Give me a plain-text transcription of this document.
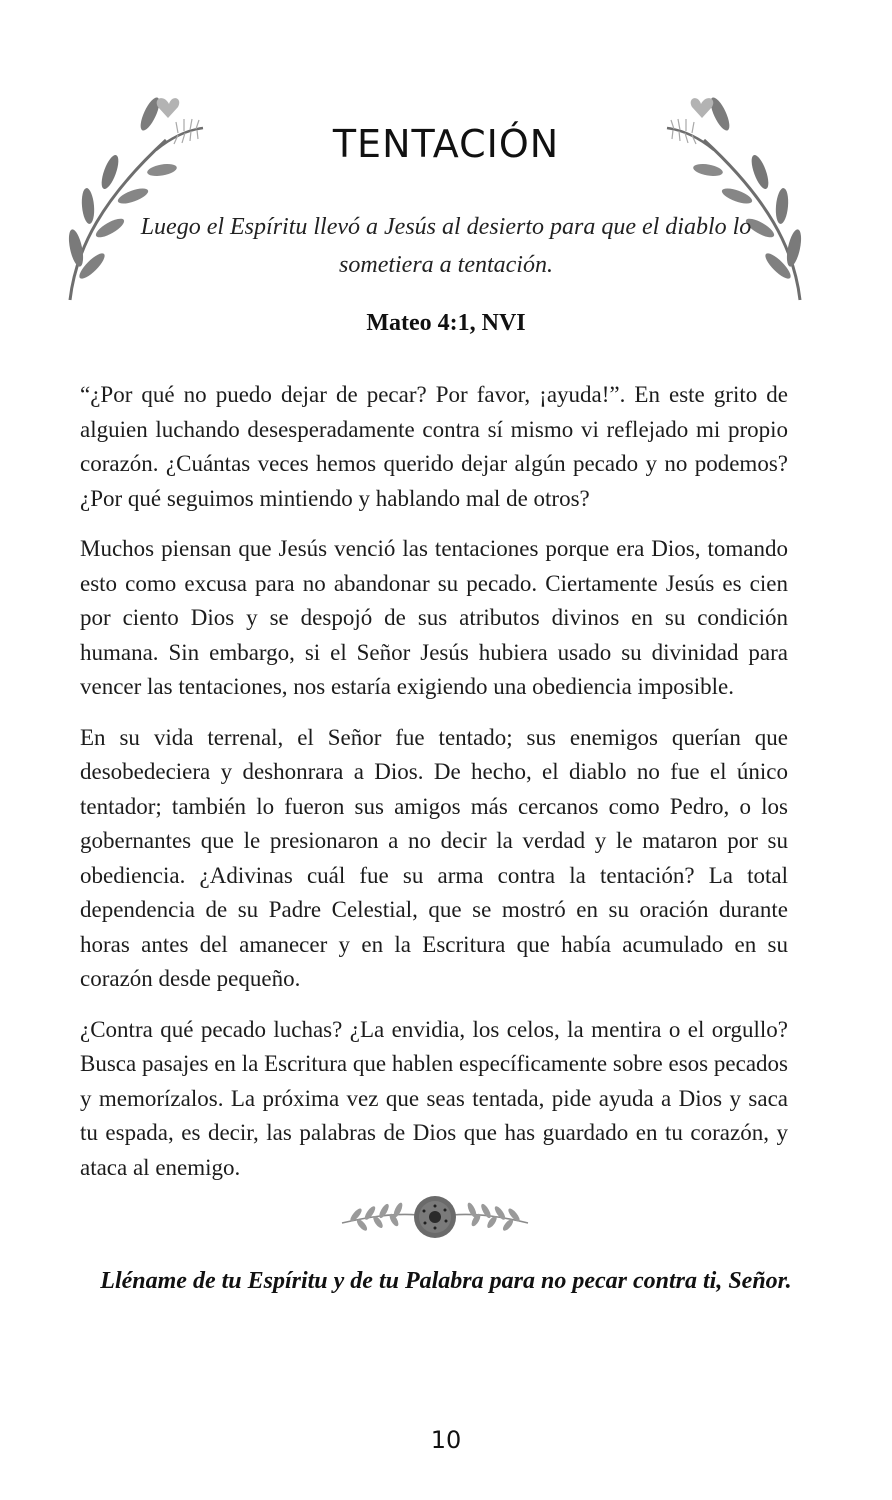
TENTACIÓN
Luego el Espíritu llevó a Jesús al desierto para que el diablo lo sometiera a tentación.
Mateo 4:1, NVI

“¿Por qué no puedo dejar de pecar? Por favor, ¡ayuda!”. En este grito de alguien luchando desesperadamente contra sí mismo vi reflejado mi propio corazón. ¿Cuántas veces hemos querido dejar algún pecado y no podemos? ¿Por qué seguimos mintiendo y hablando mal de otros?

Muchos piensan que Jesús venció las tentaciones porque era Dios, tomando esto como excusa para no abandonar su pecado. Ciertamente Jesús es cien por ciento Dios y se despojó de sus atributos divinos en su condición humana. Sin embargo, si el Señor Jesús hubiera usado su divinidad para vencer las tentaciones, nos estaría exigiendo una obediencia imposible.

En su vida terrenal, el Señor fue tentado; sus enemigos querían que desobedeciera y deshonrara a Dios. De hecho, el diablo no fue el único tentador; también lo fueron sus amigos más cercanos como Pedro, o los gobernantes que le presionaron a no decir la verdad y le mataron por su obediencia. ¿Adivinas cuál fue su arma contra la tentación? La total dependencia de su Padre Celestial, que se mostró en su oración durante horas antes del amanecer y en la Escritura que había acumulado en su corazón desde pequeño.

¿Contra qué pecado luchas? ¿La envidia, los celos, la mentira o el orgullo? Busca pasajes en la Escritura que hablen específicamente sobre esos pecados y memorízalos. La próxima vez que seas tentada, pide ayuda a Dios y saca tu espada, es decir, las palabras de Dios que has guardado en tu corazón, y ataca al enemigo.

Lléname de tu Espíritu y de tu Palabra para no pecar contra ti, Señor.
10
